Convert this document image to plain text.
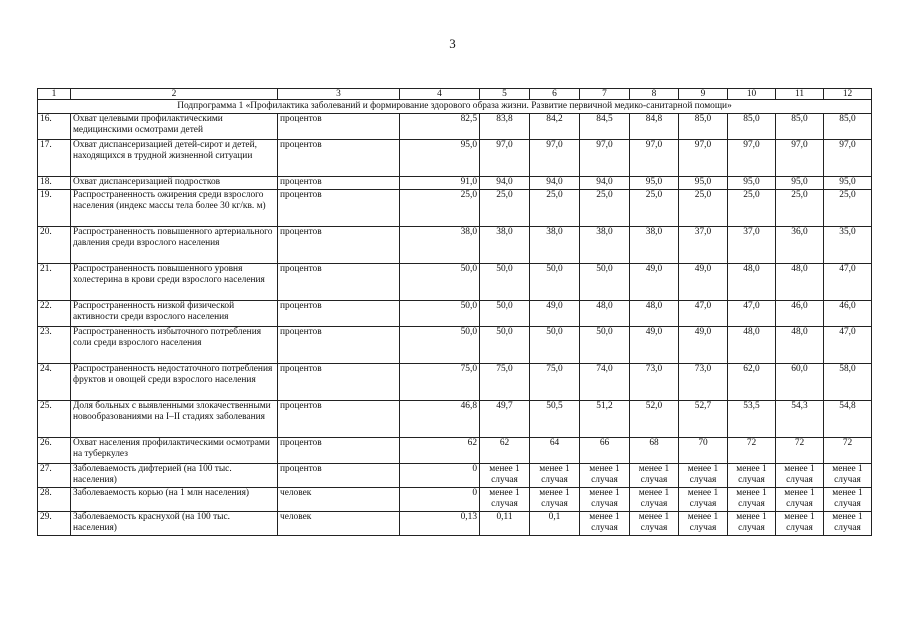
3
1	2	3	4	5	6	7	8	9	10	11	12
Подпрограмма 1 «Профилактика заболеваний и формирование здорового образа жизни. Развитие первичной медико-санитарной помощи»											
16.	Охват целевыми профилактическими медицинскими осмотрами детей	процентов	82,5	83,8	84,2	84,5	84,8	85,0	85,0	85,0	85,0
17.	Охват диспансеризацией детей-сирот и детей, находящихся в трудной жизненной ситуации	процентов	95,0	97,0	97,0	97,0	97,0	97,0	97,0	97,0	97,0
18.	Охват диспансеризацией подростков	процентов	91,0	94,0	94,0	94,0	95,0	95,0	95,0	95,0	95,0
19.	Распространенность ожирения среди взрослого населения (индекс массы тела более 30 кг/кв. м)	процентов	25,0	25,0	25,0	25,0	25,0	25,0	25,0	25,0	25,0
20.	Распространенность повышенного артериального давления среди взрослого населения	процентов	38,0	38,0	38,0	38,0	38,0	37,0	37,0	36,0	35,0
21.	Распространенность повышенного уровня холестерина в крови среди взрослого населения	процентов	50,0	50,0	50,0	50,0	49,0	49,0	48,0	48,0	47,0
22.	Распространенность низкой физической активности среди взрослого населения	процентов	50,0	50,0	49,0	48,0	48,0	47,0	47,0	46,0	46,0
23.	Распространенность избыточного потребления соли среди взрослого населения	процентов	50,0	50,0	50,0	50,0	49,0	49,0	48,0	48,0	47,0
24.	Распространенность недостаточного потребления фруктов и овощей среди взрослого населения	процентов	75,0	75,0	75,0	74,0	73,0	73,0	62,0	60,0	58,0
25.	Доля больных с выявленными злокачественными новообразованиями на I–II стадиях заболевания	процентов	46,8	49,7	50,5	51,2	52,0	52,7	53,5	54,3	54,8
26.	Охват населения профилактическими осмотрами на туберкулез	процентов	62	62	64	66	68	70	72	72	72
27.	Заболеваемость дифтерией (на 100 тыс. населения)	процентов	0	менее 1 случая	менее 1 случая	менее 1 случая	менее 1 случая	менее 1 случая	менее 1 случая	менее 1 случая	менее 1 случая
28.	Заболеваемость корью (на 1 млн населения)	человек	0	менее 1 случая	менее 1 случая	менее 1 случая	менее 1 случая	менее 1 случая	менее 1 случая	менее 1 случая	менее 1 случая
29.	Заболеваемость краснухой (на 100 тыс. населения)	человек	0,13	0,11	0,1	менее 1 случая	менее 1 случая	менее 1 случая	менее 1 случая	менее 1 случая	менее 1 случая
